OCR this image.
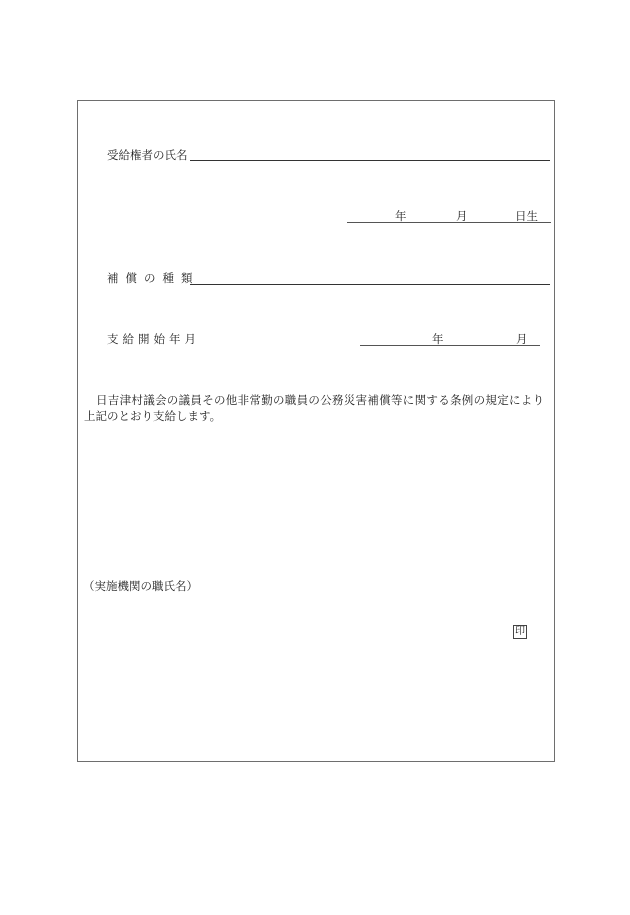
受給権者の氏名
年	月	日生
補償の種類
支給開始年月	年	月
日吉津村議会の議員その他非常勤の職員の公務災害補償等に関する条例の規定により
上記のとおり支給します。
（実施機関の職氏名）
印
